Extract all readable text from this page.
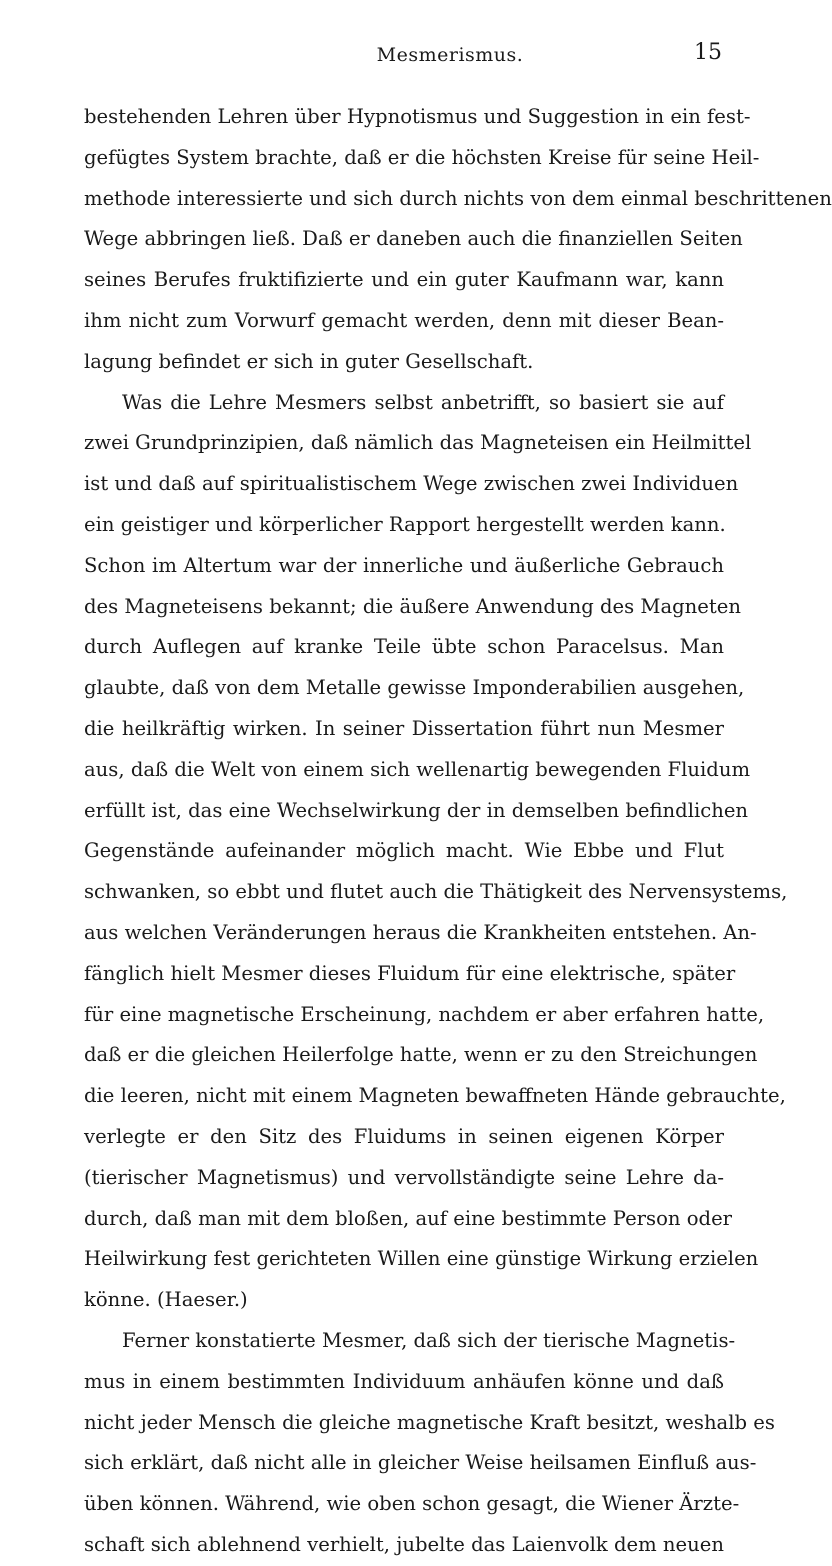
Mesmerismus.	15
bestehenden Lehren über Hypnotismus und Suggestion in ein fest-
gefügtes System brachte, daß er die höchsten Kreise für seine Heil-
methode interessierte und sich durch nichts von dem einmal beschrittenen
Wege abbringen ließ. Daß er daneben auch die finanziellen Seiten
seines Berufes fruktifizierte und ein guter Kaufmann war, kann
ihm nicht zum Vorwurf gemacht werden, denn mit dieser Bean-
lagung befindet er sich in guter Gesellschaft.
Was die Lehre Mesmers selbst anbetrifft, so basiert sie auf
zwei Grundprinzipien, daß nämlich das Magneteisen ein Heilmittel
ist und daß auf spiritualistischem Wege zwischen zwei Individuen
ein geistiger und körperlicher Rapport hergestellt werden kann.
Schon im Altertum war der innerliche und äußerliche Gebrauch
des Magneteisens bekannt; die äußere Anwendung des Magneten
durch Auflegen auf kranke Teile übte schon Paracelsus. Man
glaubte, daß von dem Metalle gewisse Imponderabilien ausgehen,
die heilkräftig wirken. In seiner Dissertation führt nun Mesmer
aus, daß die Welt von einem sich wellenartig bewegenden Fluidum
erfüllt ist, das eine Wechselwirkung der in demselben befindlichen
Gegenstände aufeinander möglich macht. Wie Ebbe und Flut
schwanken, so ebbt und flutet auch die Thätigkeit des Nervensystems,
aus welchen Veränderungen heraus die Krankheiten entstehen. An-
fänglich hielt Mesmer dieses Fluidum für eine elektrische, später
für eine magnetische Erscheinung, nachdem er aber erfahren hatte,
daß er die gleichen Heilerfolge hatte, wenn er zu den Streichungen
die leeren, nicht mit einem Magneten bewaffneten Hände gebrauchte,
verlegte er den Sitz des Fluidums in seinen eigenen Körper
(tierischer Magnetismus) und vervollständigte seine Lehre da-
durch, daß man mit dem bloßen, auf eine bestimmte Person oder
Heilwirkung fest gerichteten Willen eine günstige Wirkung erzielen
könne. (Haeser.)
Ferner konstatierte Mesmer, daß sich der tierische Magnetis-
mus in einem bestimmten Individuum anhäufen könne und daß
nicht jeder Mensch die gleiche magnetische Kraft besitzt, weshalb es
sich erklärt, daß nicht alle in gleicher Weise heilsamen Einfluß aus-
üben können. Während, wie oben schon gesagt, die Wiener Ärzte-
schaft sich ablehnend verhielt, jubelte das Laienvolk dem neuen
